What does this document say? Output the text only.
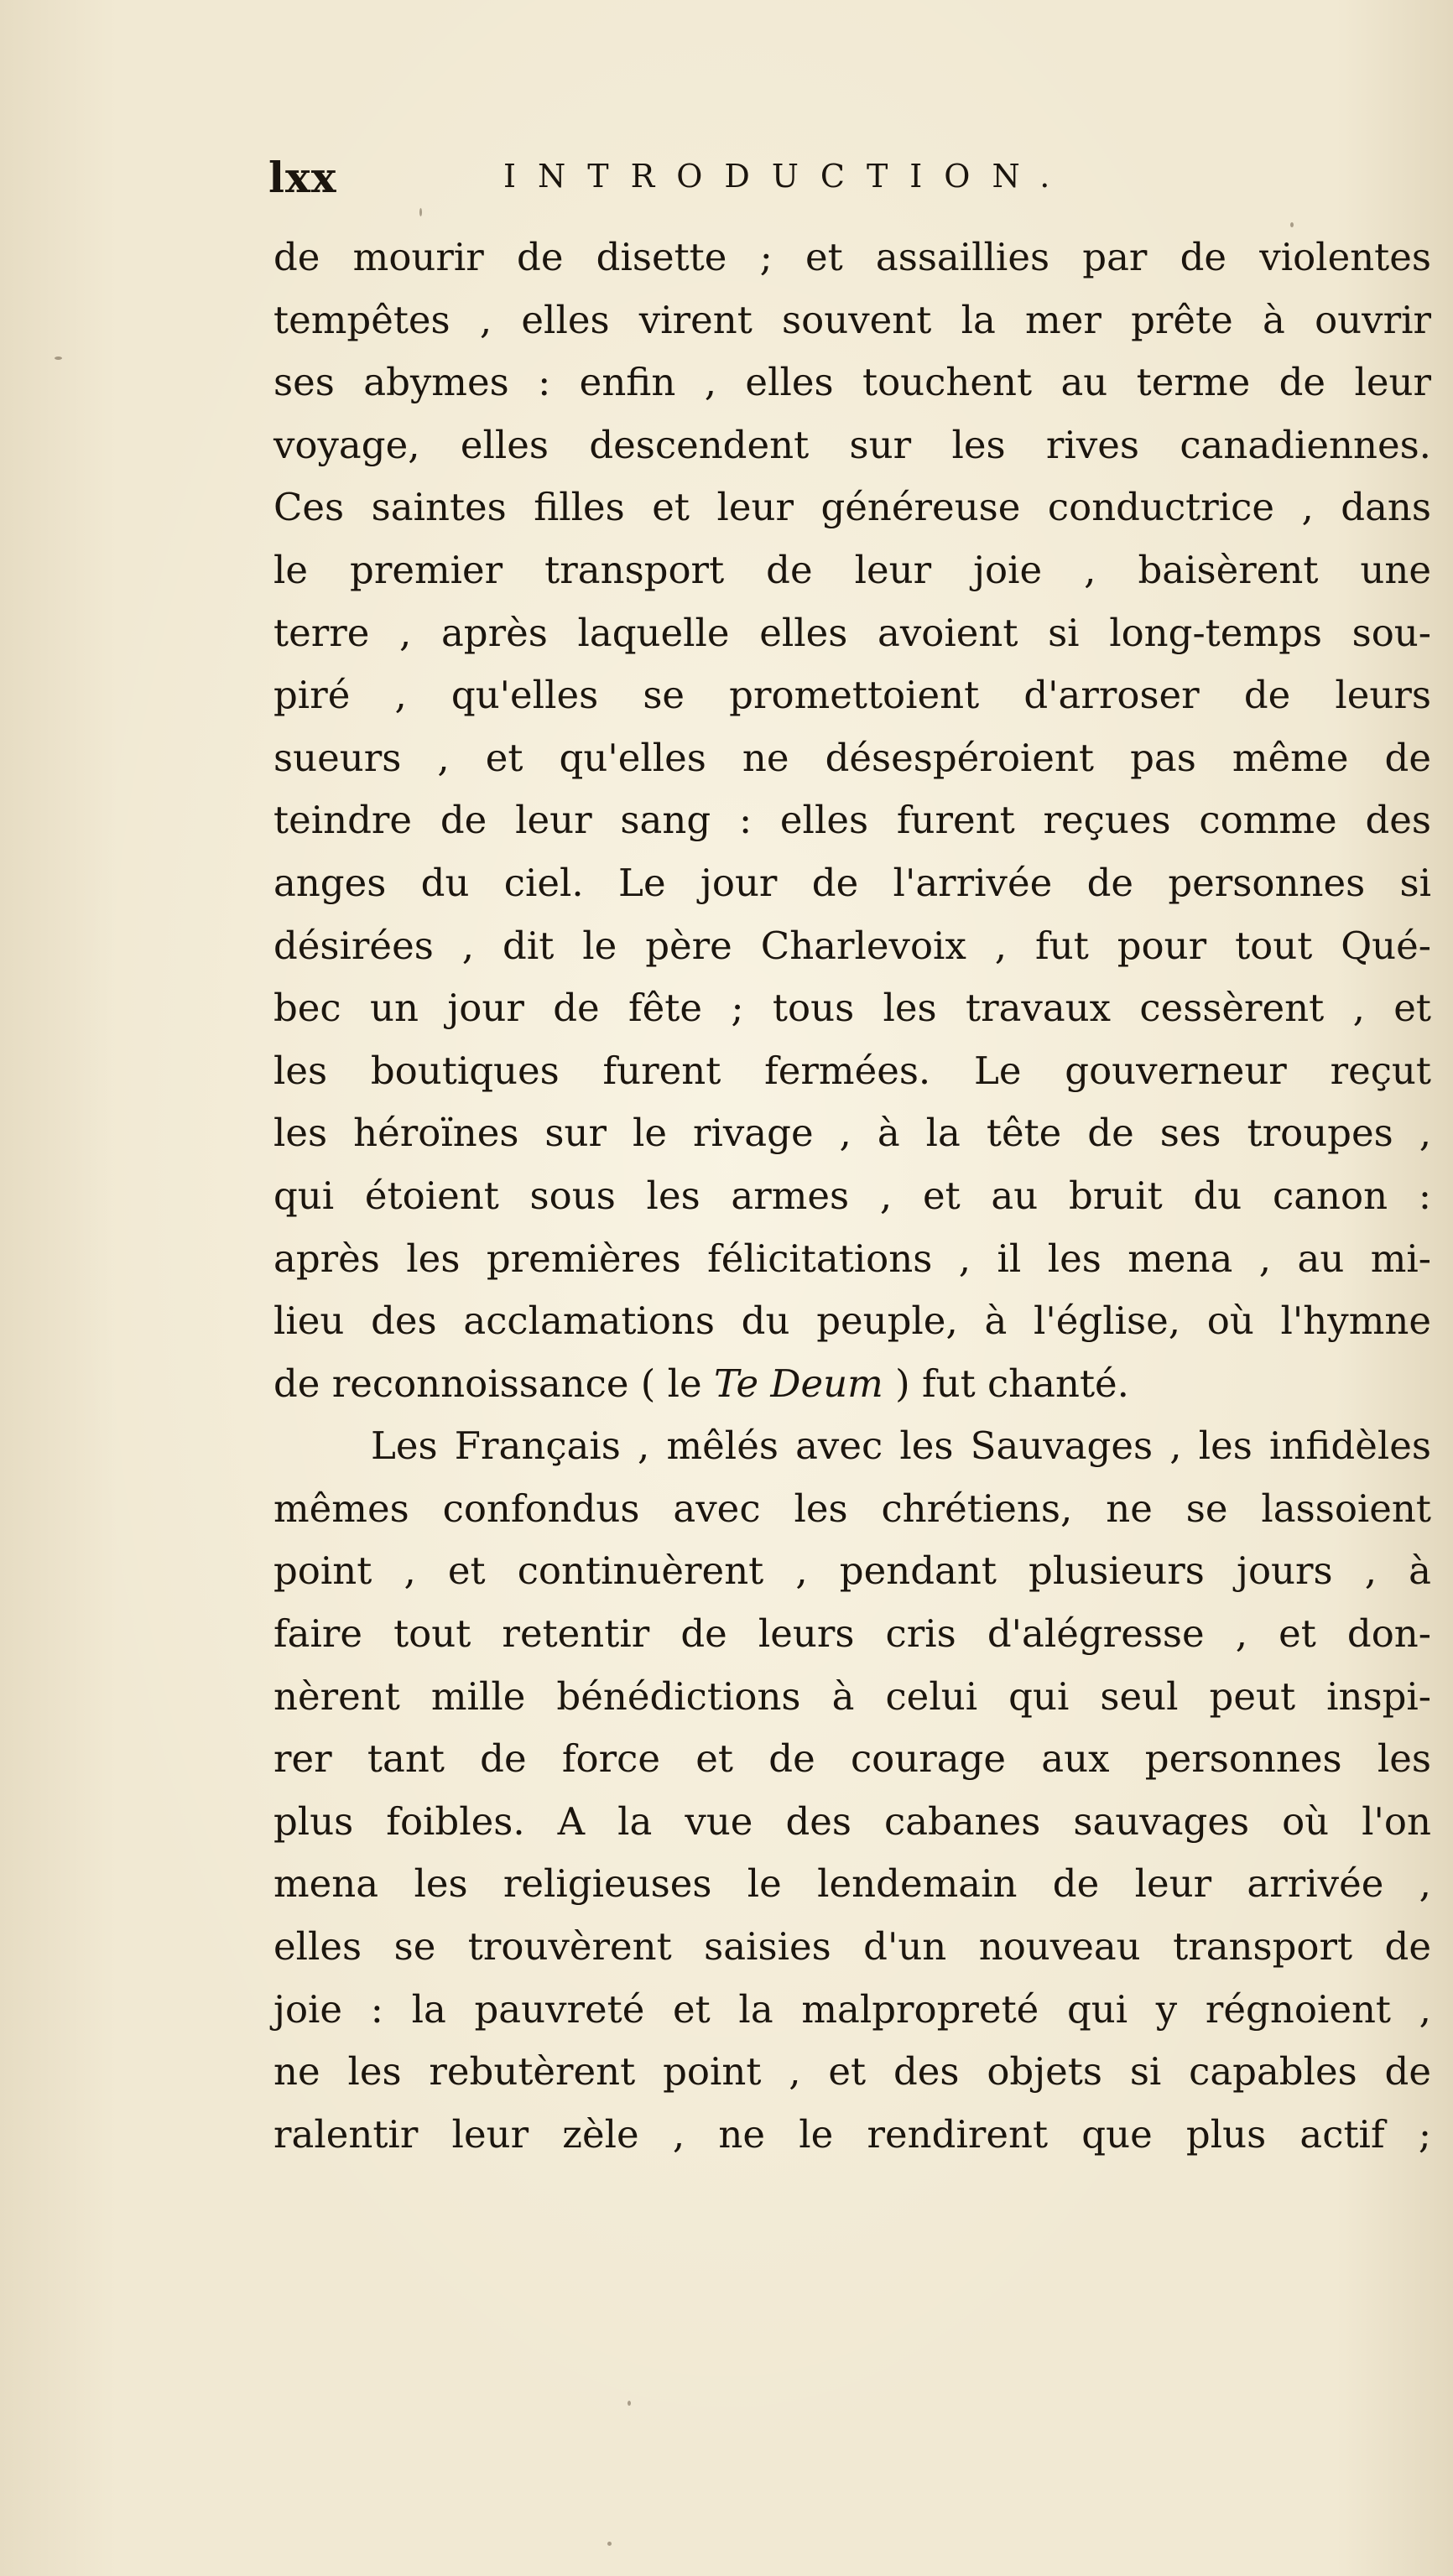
lxx	INTRODUCTION.
de mourir de disette ; et assaillies par de violentes
tempêtes , elles virent souvent la mer prête à ouvrir
ses abymes : enfin , elles touchent au terme de leur
voyage, elles descendent sur les rives canadiennes.
Ces saintes filles et leur généreuse conductrice , dans
le premier transport de leur joie , baisèrent une
terre , après laquelle elles avoient si long-temps sou-
piré , qu'elles se promettoient d'arroser de leurs
sueurs , et qu'elles ne désespéroient pas même de
teindre de leur sang : elles furent reçues comme des
anges du ciel. Le jour de l'arrivée de personnes si
désirées , dit le père Charlevoix , fut pour tout Qué-
bec un jour de fête ; tous les travaux cessèrent , et
les boutiques furent fermées. Le gouverneur reçut
les héroïnes sur le rivage , à la tête de ses troupes ,
qui étoient sous les armes , et au bruit du canon :
après les premières félicitations , il les mena , au mi-
lieu des acclamations du peuple, à l'église, où l'hymne
de reconnoissance ( le Te Deum ) fut chanté.
Les Français , mêlés avec les Sauvages , les infidèles
mêmes confondus avec les chrétiens, ne se lassoient
point , et continuèrent , pendant plusieurs jours , à
faire tout retentir de leurs cris d'alégresse , et don-
nèrent mille bénédictions à celui qui seul peut inspi-
rer tant de force et de courage aux personnes les
plus foibles. A la vue des cabanes sauvages où l'on
mena les religieuses le lendemain de leur arrivée ,
elles se trouvèrent saisies d'un nouveau transport de
joie : la pauvreté et la malpropreté qui y régnoient ,
ne les rebutèrent point , et des objets si capables de
ralentir leur zèle , ne le rendirent que plus actif ;
